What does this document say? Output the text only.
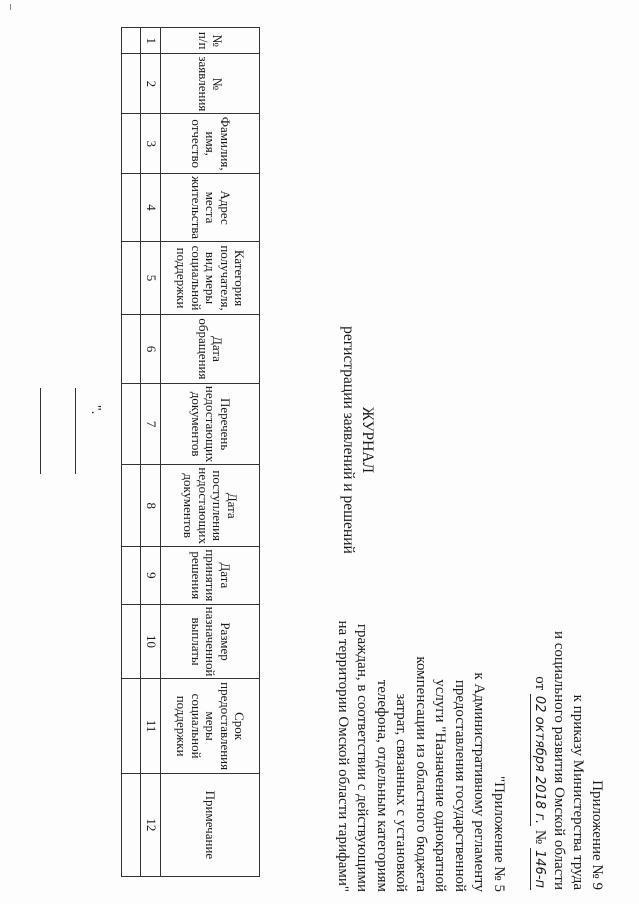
Приложение № 9
к приказу Министерства труда
и социального развития Омской области
от 02 октября 2018 г. № 146-п
"Приложение № 5
к Административному регламенту
предоставления государственной
услуги "Назначение однократной
компенсации из областного бюджета
затрат, связанных с установкой
телефона, отдельным категориям
граждан, в соответствии с действующими
на территории Омской области тарифами"
ЖУРНАЛ
регистрации заявлений и решений
№ п/п	№ заявления	Фамилия, имя, отчество	Адрес места жительства	Категория получателя, вид меры социальной поддержки	Дата обращения	Перечень недостающих документов	Дата поступления недостающих документов	Дата принятия решения	Размер назначенной выплаты	Срок предоставления меры социальной поддержки	Примечание
1	2	3	4	5	6	7	8	9	10	11	12

".
